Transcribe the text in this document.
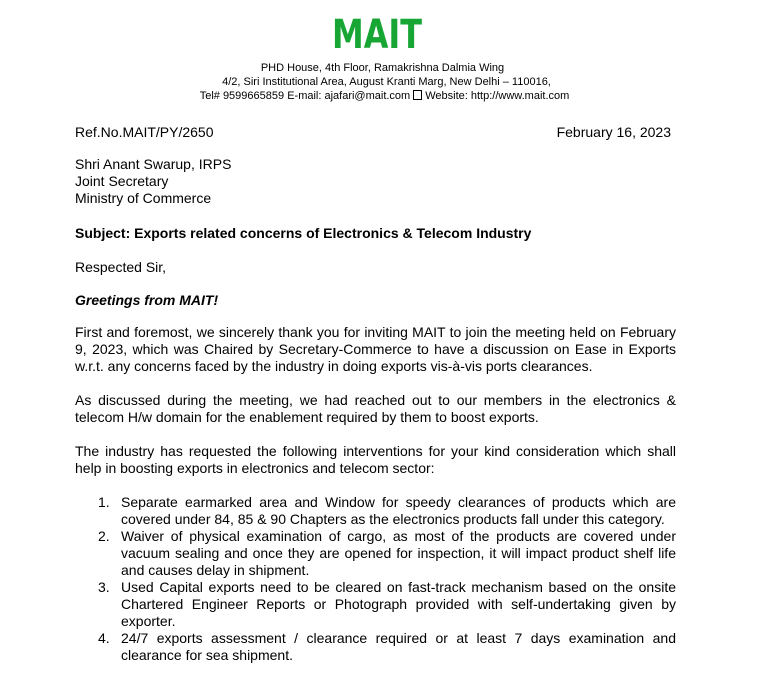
MAIT
PHD House, 4th Floor, Ramakrishna Dalmia Wing
4/2, Siri Institutional Area, August Kranti Marg, New Delhi – 110016,
Tel# 9599665859 E-mail: ajafari@mait.com Website: http://www.mait.com
Ref.No.MAIT/PY/2650	February 16, 2023
Shri Anant Swarup, IRPS
Joint Secretary
Ministry of Commerce
Subject: Exports related concerns of Electronics & Telecom Industry
Respected Sir,
Greetings from MAIT!
First and foremost, we sincerely thank you for inviting MAIT to join the meeting held on February 9, 2023, which was Chaired by Secretary-Commerce to have a discussion on Ease in Exports w.r.t. any concerns faced by the industry in doing exports vis-à-vis ports clearances.
As discussed during the meeting, we had reached out to our members in the electronics & telecom H/w domain for the enablement required by them to boost exports.
The industry has requested the following interventions for your kind consideration which shall help in boosting exports in electronics and telecom sector:
1. Separate earmarked area and Window for speedy clearances of products which are covered under 84, 85 & 90 Chapters as the electronics products fall under this category.
2. Waiver of physical examination of cargo, as most of the products are covered under vacuum sealing and once they are opened for inspection, it will impact product shelf life and causes delay in shipment.
3. Used Capital exports need to be cleared on fast-track mechanism based on the onsite Chartered Engineer Reports or Photograph provided with self-undertaking given by exporter.
4. 24/7 exports assessment / clearance required or at least 7 days examination and clearance for sea shipment.
